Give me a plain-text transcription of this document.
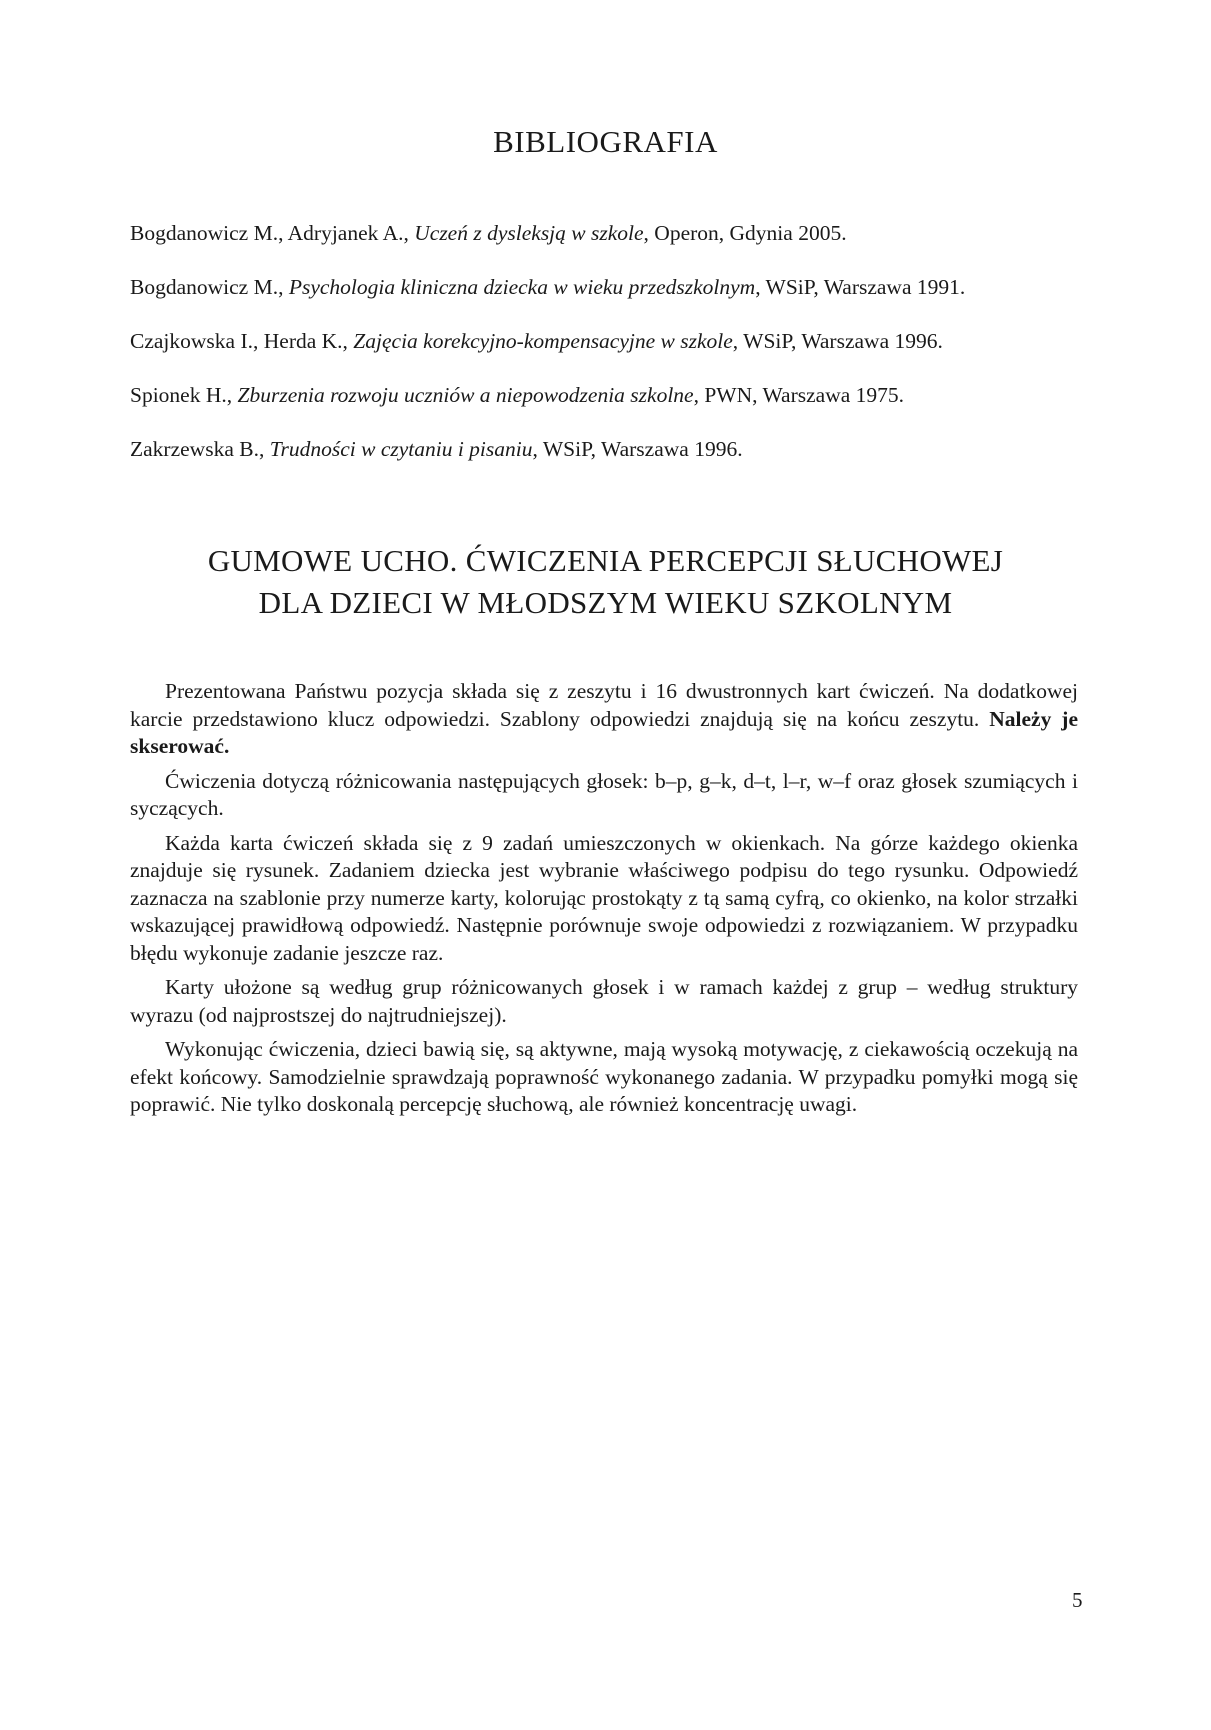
BIBLIOGRAFIA
Bogdanowicz M., Adryjanek A., Uczeń z dysleksją w szkole, Operon, Gdynia 2005.
Bogdanowicz M., Psychologia kliniczna dziecka w wieku przedszkolnym, WSiP, Warszawa 1991.
Czajkowska I., Herda K., Zajęcia korekcyjno-kompensacyjne w szkole, WSiP, Warszawa 1996.
Spionek H., Zburzenia rozwoju uczniów a niepowodzenia szkolne, PWN, Warszawa 1975.
Zakrzewska B., Trudności w czytaniu i pisaniu, WSiP, Warszawa 1996.
GUMOWE UCHO. ĆWICZENIA PERCEPCJI SŁUCHOWEJ
DLA DZIECI W MŁODSZYM WIEKU SZKOLNYM

Prezentowana Państwu pozycja składa się z zeszytu i 16 dwustronnych kart ćwiczeń. Na dodatkowej karcie przedstawiono klucz odpowiedzi. Szablony odpowiedzi znajdują się na końcu zeszytu. Należy je skserować.

Ćwiczenia dotyczą różnicowania następujących głosek: b–p, g–k, d–t, l–r, w–f oraz głosek szumiących i syczących.

Każda karta ćwiczeń składa się z 9 zadań umieszczonych w okienkach. Na górze każdego okienka znajduje się rysunek. Zadaniem dziecka jest wybranie właściwego podpisu do tego rysunku. Odpowiedź zaznacza na szablonie przy numerze karty, kolorując prostokąty z tą samą cyfrą, co okienko, na kolor strzałki wskazującej prawidłową odpowiedź. Następnie porównuje swoje odpowiedzi z rozwiązaniem. W przypadku błędu wykonuje zadanie jeszcze raz.

Karty ułożone są według grup różnicowanych głosek i w ramach każdej z grup – według struktury wyrazu (od najprostszej do najtrudniejszej).

Wykonując ćwiczenia, dzieci bawią się, są aktywne, mają wysoką motywację, z ciekawością oczekują na efekt końcowy. Samodzielnie sprawdzają poprawność wykonanego zadania. W przypadku pomyłki mogą się poprawić. Nie tylko doskonalą percepcję słuchową, ale również koncentrację uwagi.

5
